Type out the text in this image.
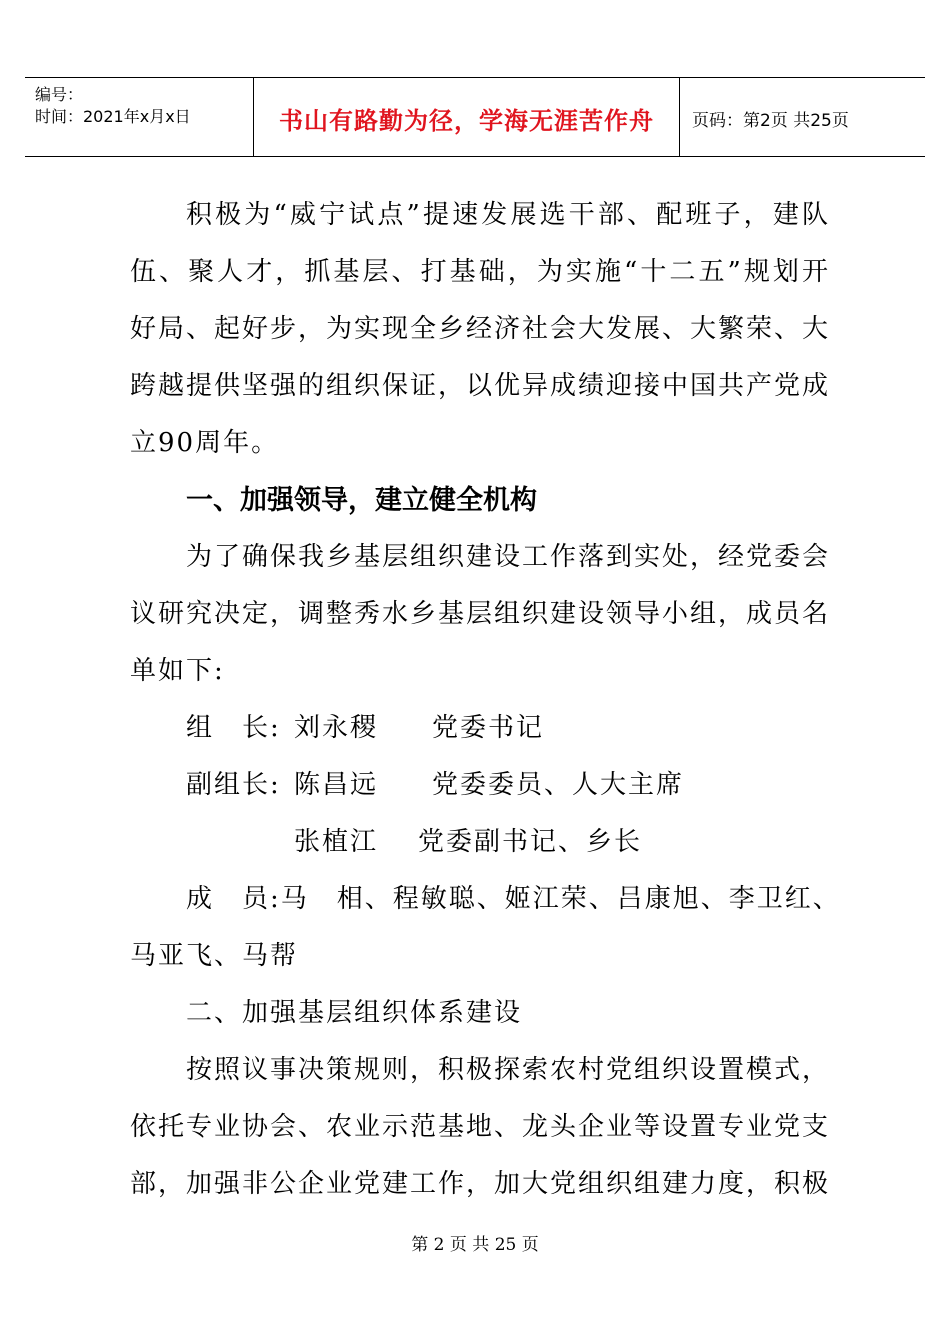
编号：
时间：2021年x月x日	书山有路勤为径，学海无涯苦作舟	页码：第2页 共25页

积极为“威宁试点”提速发展选干部、配班子，建队伍、聚人才，抓基层、打基础，为实施“十二五”规划开好局、起好步，为实现全乡经济社会大发展、大繁荣、大跨越提供坚强的组织保证，以优异成绩迎接中国共产党成立90周年。

一、加强领导，建立健全机构

为了确保我乡基层组织建设工作落到实处，经党委会议研究决定，调整秀水乡基层组织建设领导小组，成员名单如下:

组　长: 刘永稷 党委书记
副组长: 陈昌远 党委委员、人大主席
张植江 党委副书记、乡长
成　员:马　相、程敏聪、姬江荣、吕康旭、李卫红、
马亚飞、马帮

二、加强基层组织体系建设

按照议事决策规则，积极探索农村党组织设置模式，依托专业协会、农业示范基地、龙头企业等设置专业党支部，加强非公企业党建工作，加大党组织组建力度，积极

第 2 页 共 25 页
